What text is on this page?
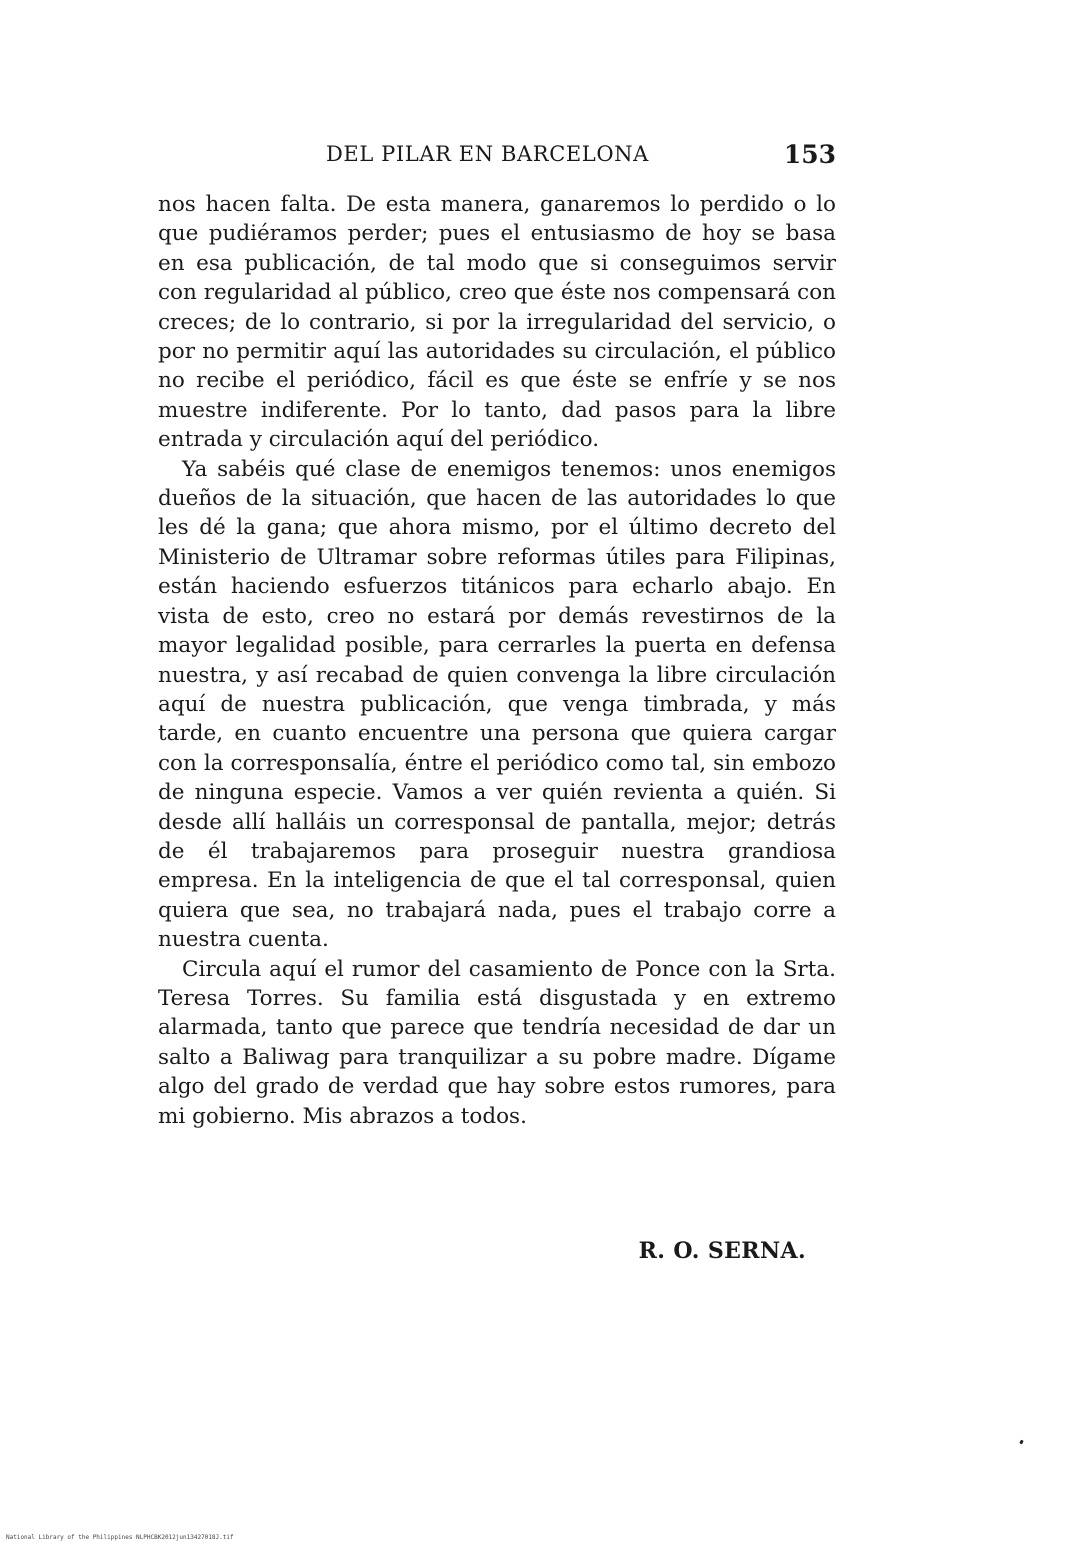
DEL PILAR EN BARCELONA	153

nos hacen falta. De esta manera, ganaremos lo perdido o lo que pudiéramos perder; pues el entusiasmo de hoy se basa en esa publicación, de tal modo que si conseguimos servir con regularidad al público, creo que éste nos compensará con creces; de lo contrario, si por la irregularidad del servicio, o por no permitir aquí las autoridades su circulación, el público no recibe el periódico, fácil es que éste se enfríe y se nos muestre indiferente. Por lo tanto, dad pasos para la libre entrada y circulación aquí del periódico.

Ya sabéis qué clase de enemigos tenemos: unos enemigos dueños de la situación, que hacen de las autoridades lo que les dé la gana; que ahora mismo, por el último decreto del Ministerio de Ultramar sobre reformas útiles para Filipinas, están haciendo esfuerzos titánicos para echarlo abajo. En vista de esto, creo no estará por demás revestirnos de la mayor legalidad posible, para cerrarles la puerta en defensa nuestra, y así recabad de quien convenga la libre circulación aquí de nuestra publicación, que venga timbrada, y más tarde, en cuanto encuentre una persona que quiera cargar con la corresponsalía, éntre el periódico como tal, sin embozo de ninguna especie. Vamos a ver quién revienta a quién. Si desde allí halláis un corresponsal de pantalla, mejor; detrás de él trabajaremos para proseguir nuestra grandiosa empresa. En la inteligencia de que el tal corresponsal, quien quiera que sea, no trabajará nada, pues el trabajo corre a nuestra cuenta.

Circula aquí el rumor del casamiento de Ponce con la Srta. Teresa Torres. Su familia está disgustada y en extremo alarmada, tanto que parece que tendría necesidad de dar un salto a Baliwag para tranquilizar a su pobre madre. Dígame algo del grado de verdad que hay sobre estos rumores, para mi gobierno. Mis abrazos a todos.

R. O. SERNA.
National Library of the Philippines NLPHCBK2012jun13427018J.tif
